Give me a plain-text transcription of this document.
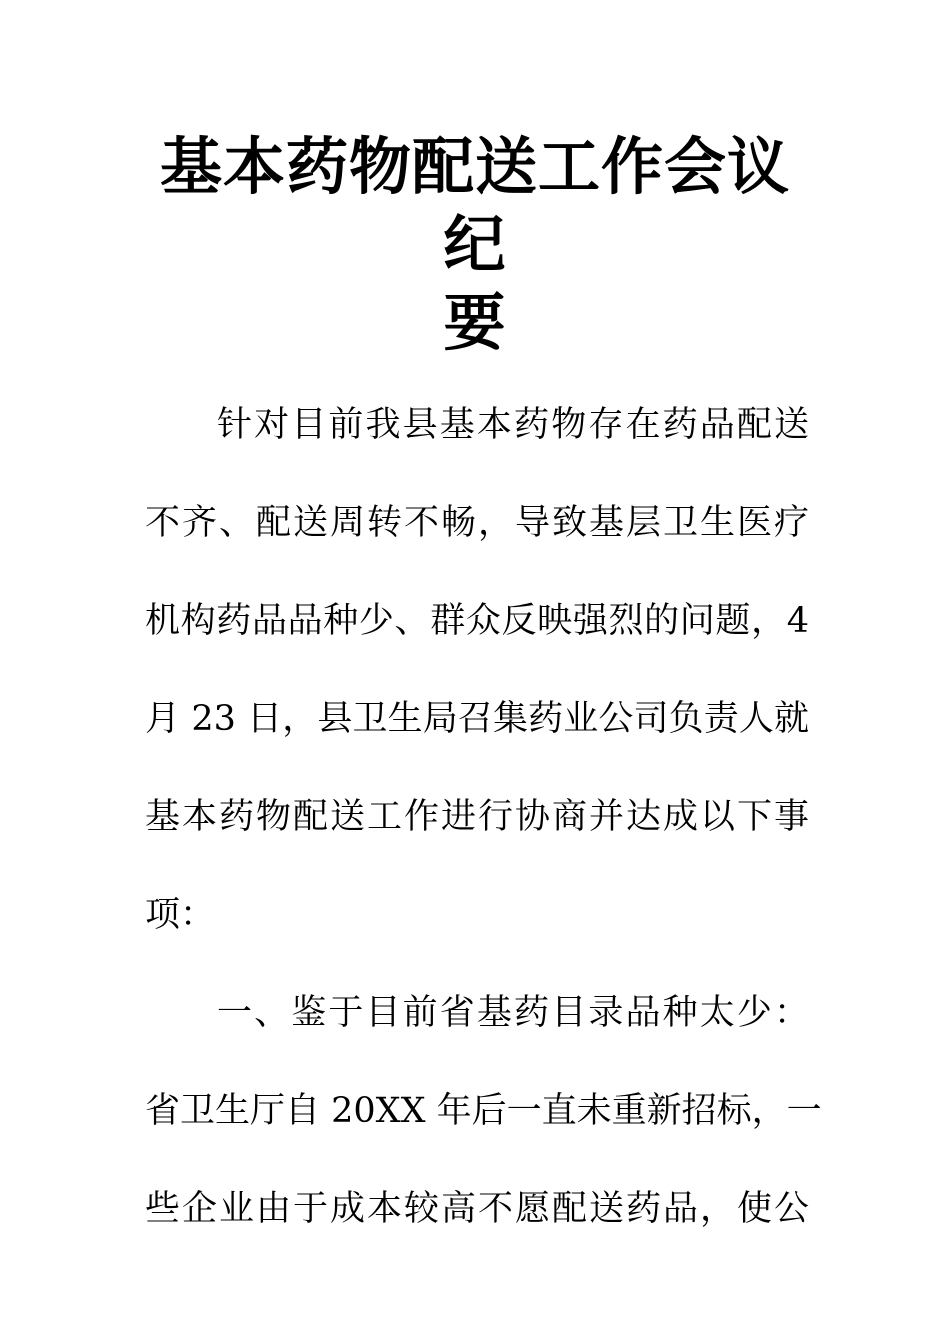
基本药物配送工作会议纪
要
针对目前我县基本药物存在药品配送
不齐、配送周转不畅，导致基层卫生医疗
机构药品品种少、群众反映强烈的问题，4
月 23 日，县卫生局召集药业公司负责人就
基本药物配送工作进行协商并达成以下事
项：
一、鉴于目前省基药目录品种太少：
省卫生厅自 20XX 年后一直未重新招标，一
些企业由于成本较高不愿配送药品，使公
